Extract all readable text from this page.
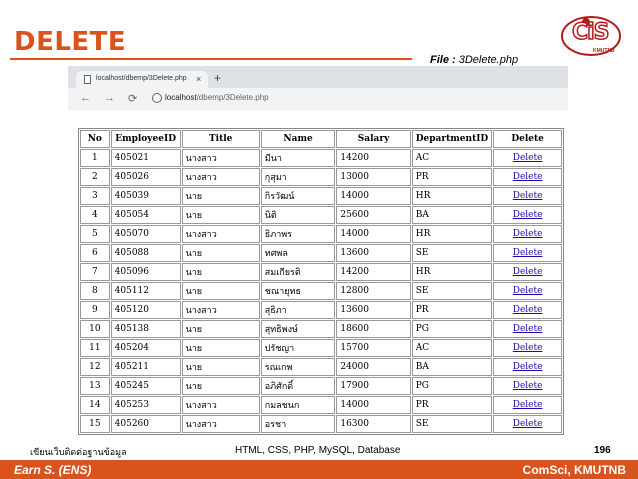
DELETE
File : 3Delete.php
CiS
KMUTNB
localhost/dbemp/3Delete.php × +
← → ⟳	localhost/dbemp/3Delete.php
No	EmployeeID	Title	Name	Salary	DepartmentID	Delete
1	405021	นางสาว	มีนา	14200	AC	Delete
2	405026	นางสาว	กุสุมา	13000	PR	Delete
3	405039	นาย	กิรวัฒน์	14000	HR	Delete
4	405054	นาย	นิติ	25600	BA	Delete
5	405070	นางสาว	ธิภาพร	14000	HR	Delete
6	405088	นาย	ทศพล	13600	SE	Delete
7	405096	นาย	สมเกียรติ	14200	HR	Delete
8	405112	นาย	ชณายุทธ	12800	SE	Delete
9	405120	นางสาว	สุธิภา	13600	PR	Delete
10	405138	นาย	สุทธิพงษ์	18600	PG	Delete
11	405204	นาย	ปรัชญา	15700	AC	Delete
12	405211	นาย	รณเกพ	24000	BA	Delete
13	405245	นาย	อภิศักดิ์	17900	PG	Delete
14	405253	นางสาว	กมลชนก	14000	PR	Delete
15	405260	นางสาว	อรชา	16300	SE	Delete
เขียนเว็บติดต่อฐานข้อมูล	HTML, CSS, PHP, MySQL, Database	196
Earn S. (ENS)	ComSci, KMUTNB
